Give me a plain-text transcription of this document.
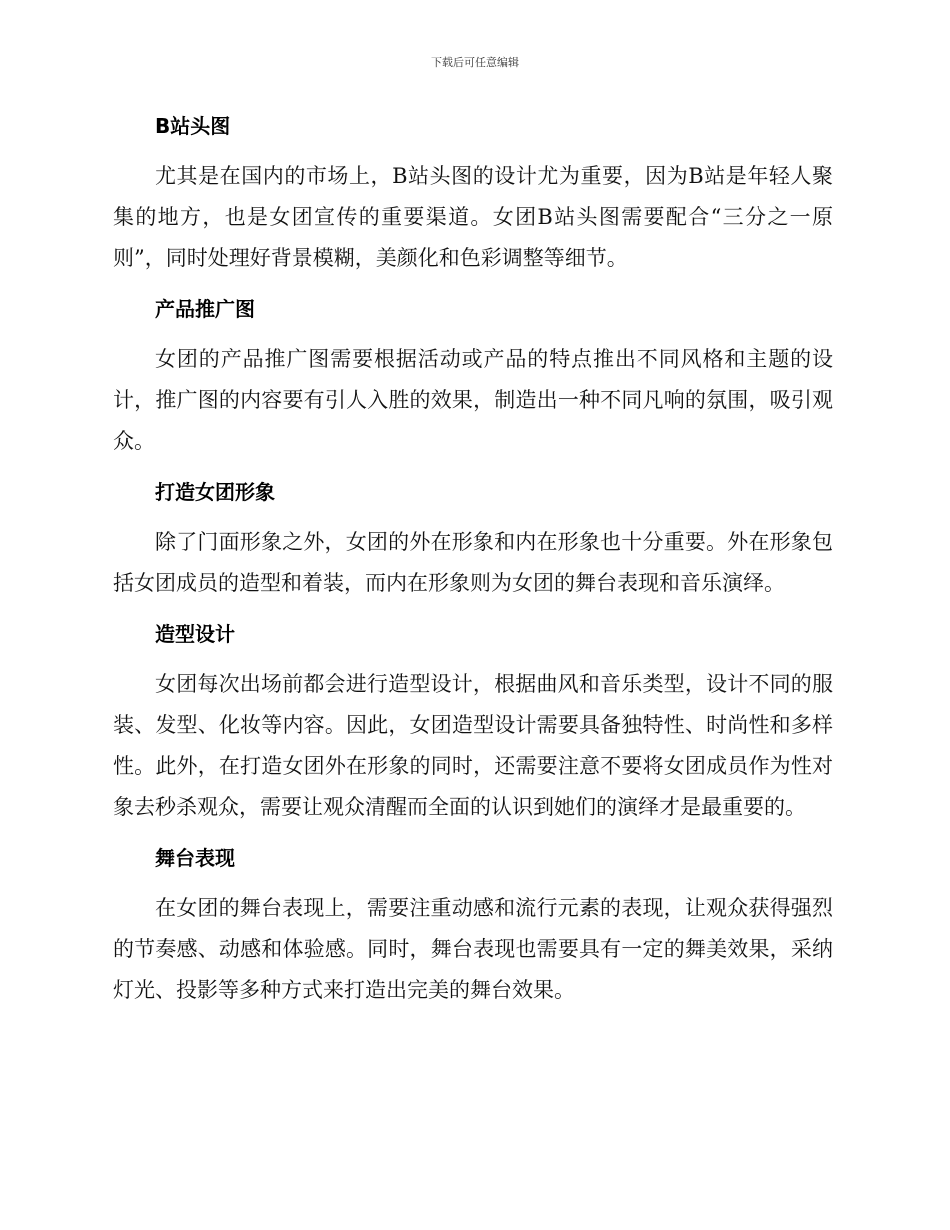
下载后可任意编辑
B站头图

尤其是在国内的市场上，B站头图的设计尤为重要，因为B站是年轻人聚集的地方，也是女团宣传的重要渠道。女团B站头图需要配合“三分之一原则”，同时处理好背景模糊，美颜化和色彩调整等细节。

产品推广图

女团的产品推广图需要根据活动或产品的特点推出不同风格和主题的设计，推广图的内容要有引人入胜的效果，制造出一种不同凡响的氛围，吸引观众。

打造女团形象

除了门面形象之外，女团的外在形象和内在形象也十分重要。外在形象包括女团成员的造型和着装，而内在形象则为女团的舞台表现和音乐演绎。

造型设计

女团每次出场前都会进行造型设计，根据曲风和音乐类型，设计不同的服装、发型、化妆等内容。因此，女团造型设计需要具备独特性、时尚性和多样性。此外，在打造女团外在形象的同时，还需要注意不要将女团成员作为性对象去秒杀观众，需要让观众清醒而全面的认识到她们的演绎才是最重要的。

舞台表现

在女团的舞台表现上，需要注重动感和流行元素的表现，让观众获得强烈的节奏感、动感和体验感。同时，舞台表现也需要具有一定的舞美效果，采纳灯光、投影等多种方式来打造出完美的舞台效果。
